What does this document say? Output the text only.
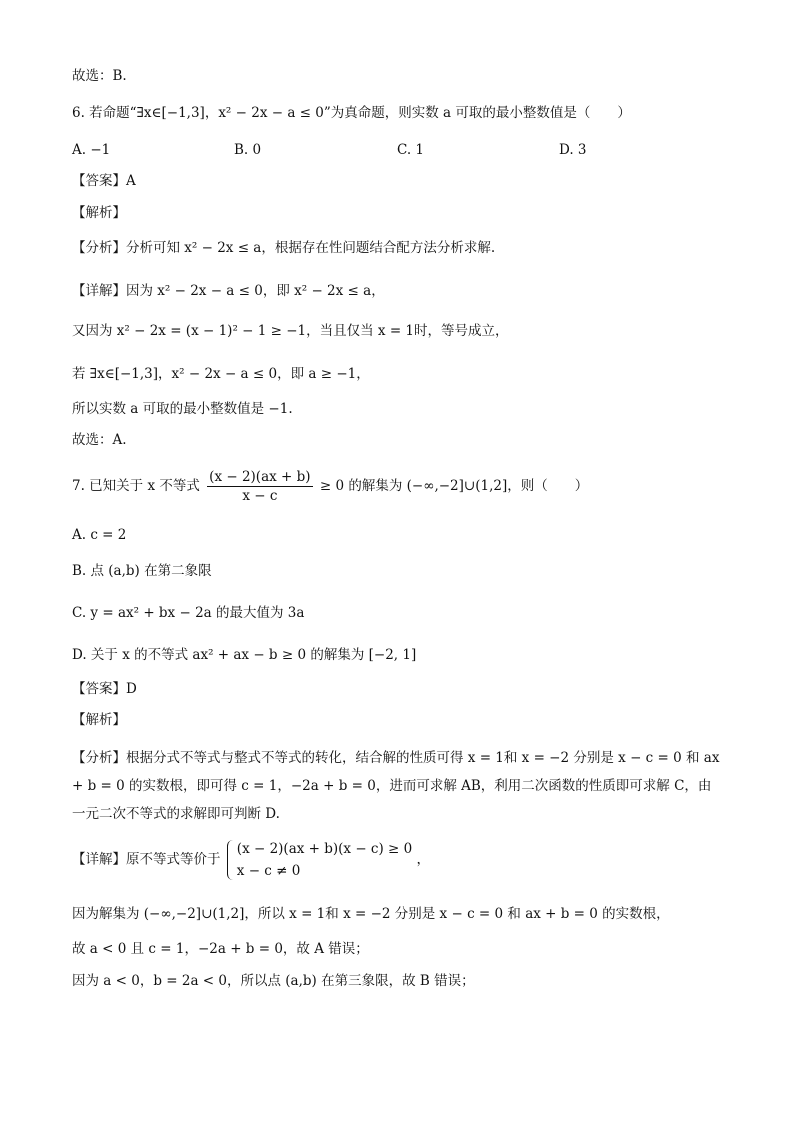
故选：B.
6. 若命题“∃x∈[−1,3]，x² − 2x − a ≤ 0”为真命题，则实数 a 可取的最小整数值是（　　）
A. −1	B. 0	C. 1	D. 3
【答案】A
【解析】
【分析】分析可知 x² − 2x ≤ a，根据存在性问题结合配方法分析求解.
【详解】因为 x² − 2x − a ≤ 0，即 x² − 2x ≤ a，
又因为 x² − 2x = (x − 1)² − 1 ≥ −1，当且仅当 x = 1时，等号成立，
若 ∃x∈[−1,3]，x² − 2x − a ≤ 0，即 a ≥ −1，
所以实数 a 可取的最小整数值是 −1.
故选：A.
7. 已知关于 x 不等式 $\frac{(x - 2)(ax + b)}{x - c} \ge 0$ 的解集为 (−∞,−2]∪(1,2]，则（　　）
A. c = 2
B. 点 (a,b) 在第二象限
C. y = ax² + bx − 2a 的最大值为 3a
D. 关于 x 的不等式 ax² + ax − b ≥ 0 的解集为 [−2, 1]
【答案】D
【解析】
【分析】根据分式不等式与整式不等式的转化，结合解的性质可得 x = 1和 x = −2 分别是 x − c = 0 和 ax + b = 0 的实数根，即可得 c = 1，−2a + b = 0，进而可求解 AB，利用二次函数的性质即可求解 C，由一元二次不等式的求解即可判断 D.
【详解】原不等式等价于
(x − 2)(ax + b)(x − c) ≥ 0
x − c ≠ 0
，
因为解集为 (−∞,−2]∪(1,2]，所以 x = 1和 x = −2 分别是 x − c = 0 和 ax + b = 0 的实数根，
故 a < 0 且 c = 1，−2a + b = 0，故 A 错误；
因为 a < 0，b = 2a < 0，所以点 (a,b) 在第三象限，故 B 错误；
